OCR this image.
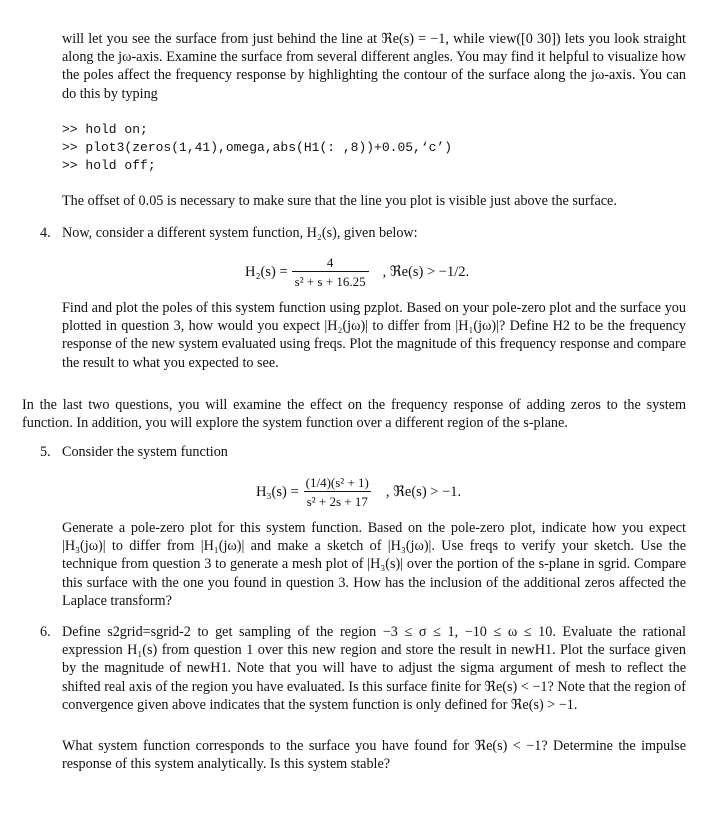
will let you see the surface from just behind the line at ℜe(s) = −1, while view([0 30]) lets you look straight along the jω-axis. Examine the surface from several different angles. You may find it helpful to visualize how the poles affect the frequency response by highlighting the contour of the surface along the jω-axis. You can do this by typing
>> hold on;
>> plot3(zeros(1,41),omega,abs(H1(: ,8))+0.05,‘c’)
>> hold off;
The offset of 0.05 is necessary to make sure that the line you plot is visible just above the surface.
4. Now, consider a different system function, H₂(s), given below:
$H_2(s) = \frac{4}{\text{s² + s + 16.25}}$ , ℜe(s) > −1/2.
Find and plot the poles of this system function using pzplot. Based on your pole-zero plot and the surface you plotted in question 3, how would you expect |H₂(jω)| to differ from |H₁(jω)|? Define H2 to be the frequency response of the new system evaluated using freqs. Plot the magnitude of this frequency response and compare the result to what you expected to see.
In the last two questions, you will examine the effect on the frequency response of adding zeros to the system function. In addition, you will explore the system function over a different region of the s-plane.
5. Consider the system function
$H_3(s) = \frac{\text{(1/4)(s² + 1)}}{\text{s² + 2s + 17}}$ , ℜe(s) > −1.
Generate a pole-zero plot for this system function. Based on the pole-zero plot, indicate how you expect |H₃(jω)| to differ from |H₁(jω)| and make a sketch of |H₃(jω)|. Use freqs to verify your sketch. Use the technique from question 3 to generate a mesh plot of |H₃(s)| over the portion of the s-plane in sgrid. Compare this surface with the one you found in question 3. How has the inclusion of the additional zeros affected the Laplace transform?
6. Define s2grid=sgrid-2 to get sampling of the region −3 ≤ σ ≤ 1, −10 ≤ ω ≤ 10. Evaluate the rational expression H₁(s) from question 1 over this new region and store the result in newH1. Plot the surface given by the magnitude of newH1. Note that you will have to adjust the sigma argument of mesh to reflect the shifted real axis of the region you have evaluated. Is this surface finite for ℜe(s) < −1? Note that the region of convergence given above indicates that the system function is only defined for ℜe(s) > −1.
What system function corresponds to the surface you have found for ℜe(s) < −1? Determine the impulse response of this system analytically. Is this system stable?
